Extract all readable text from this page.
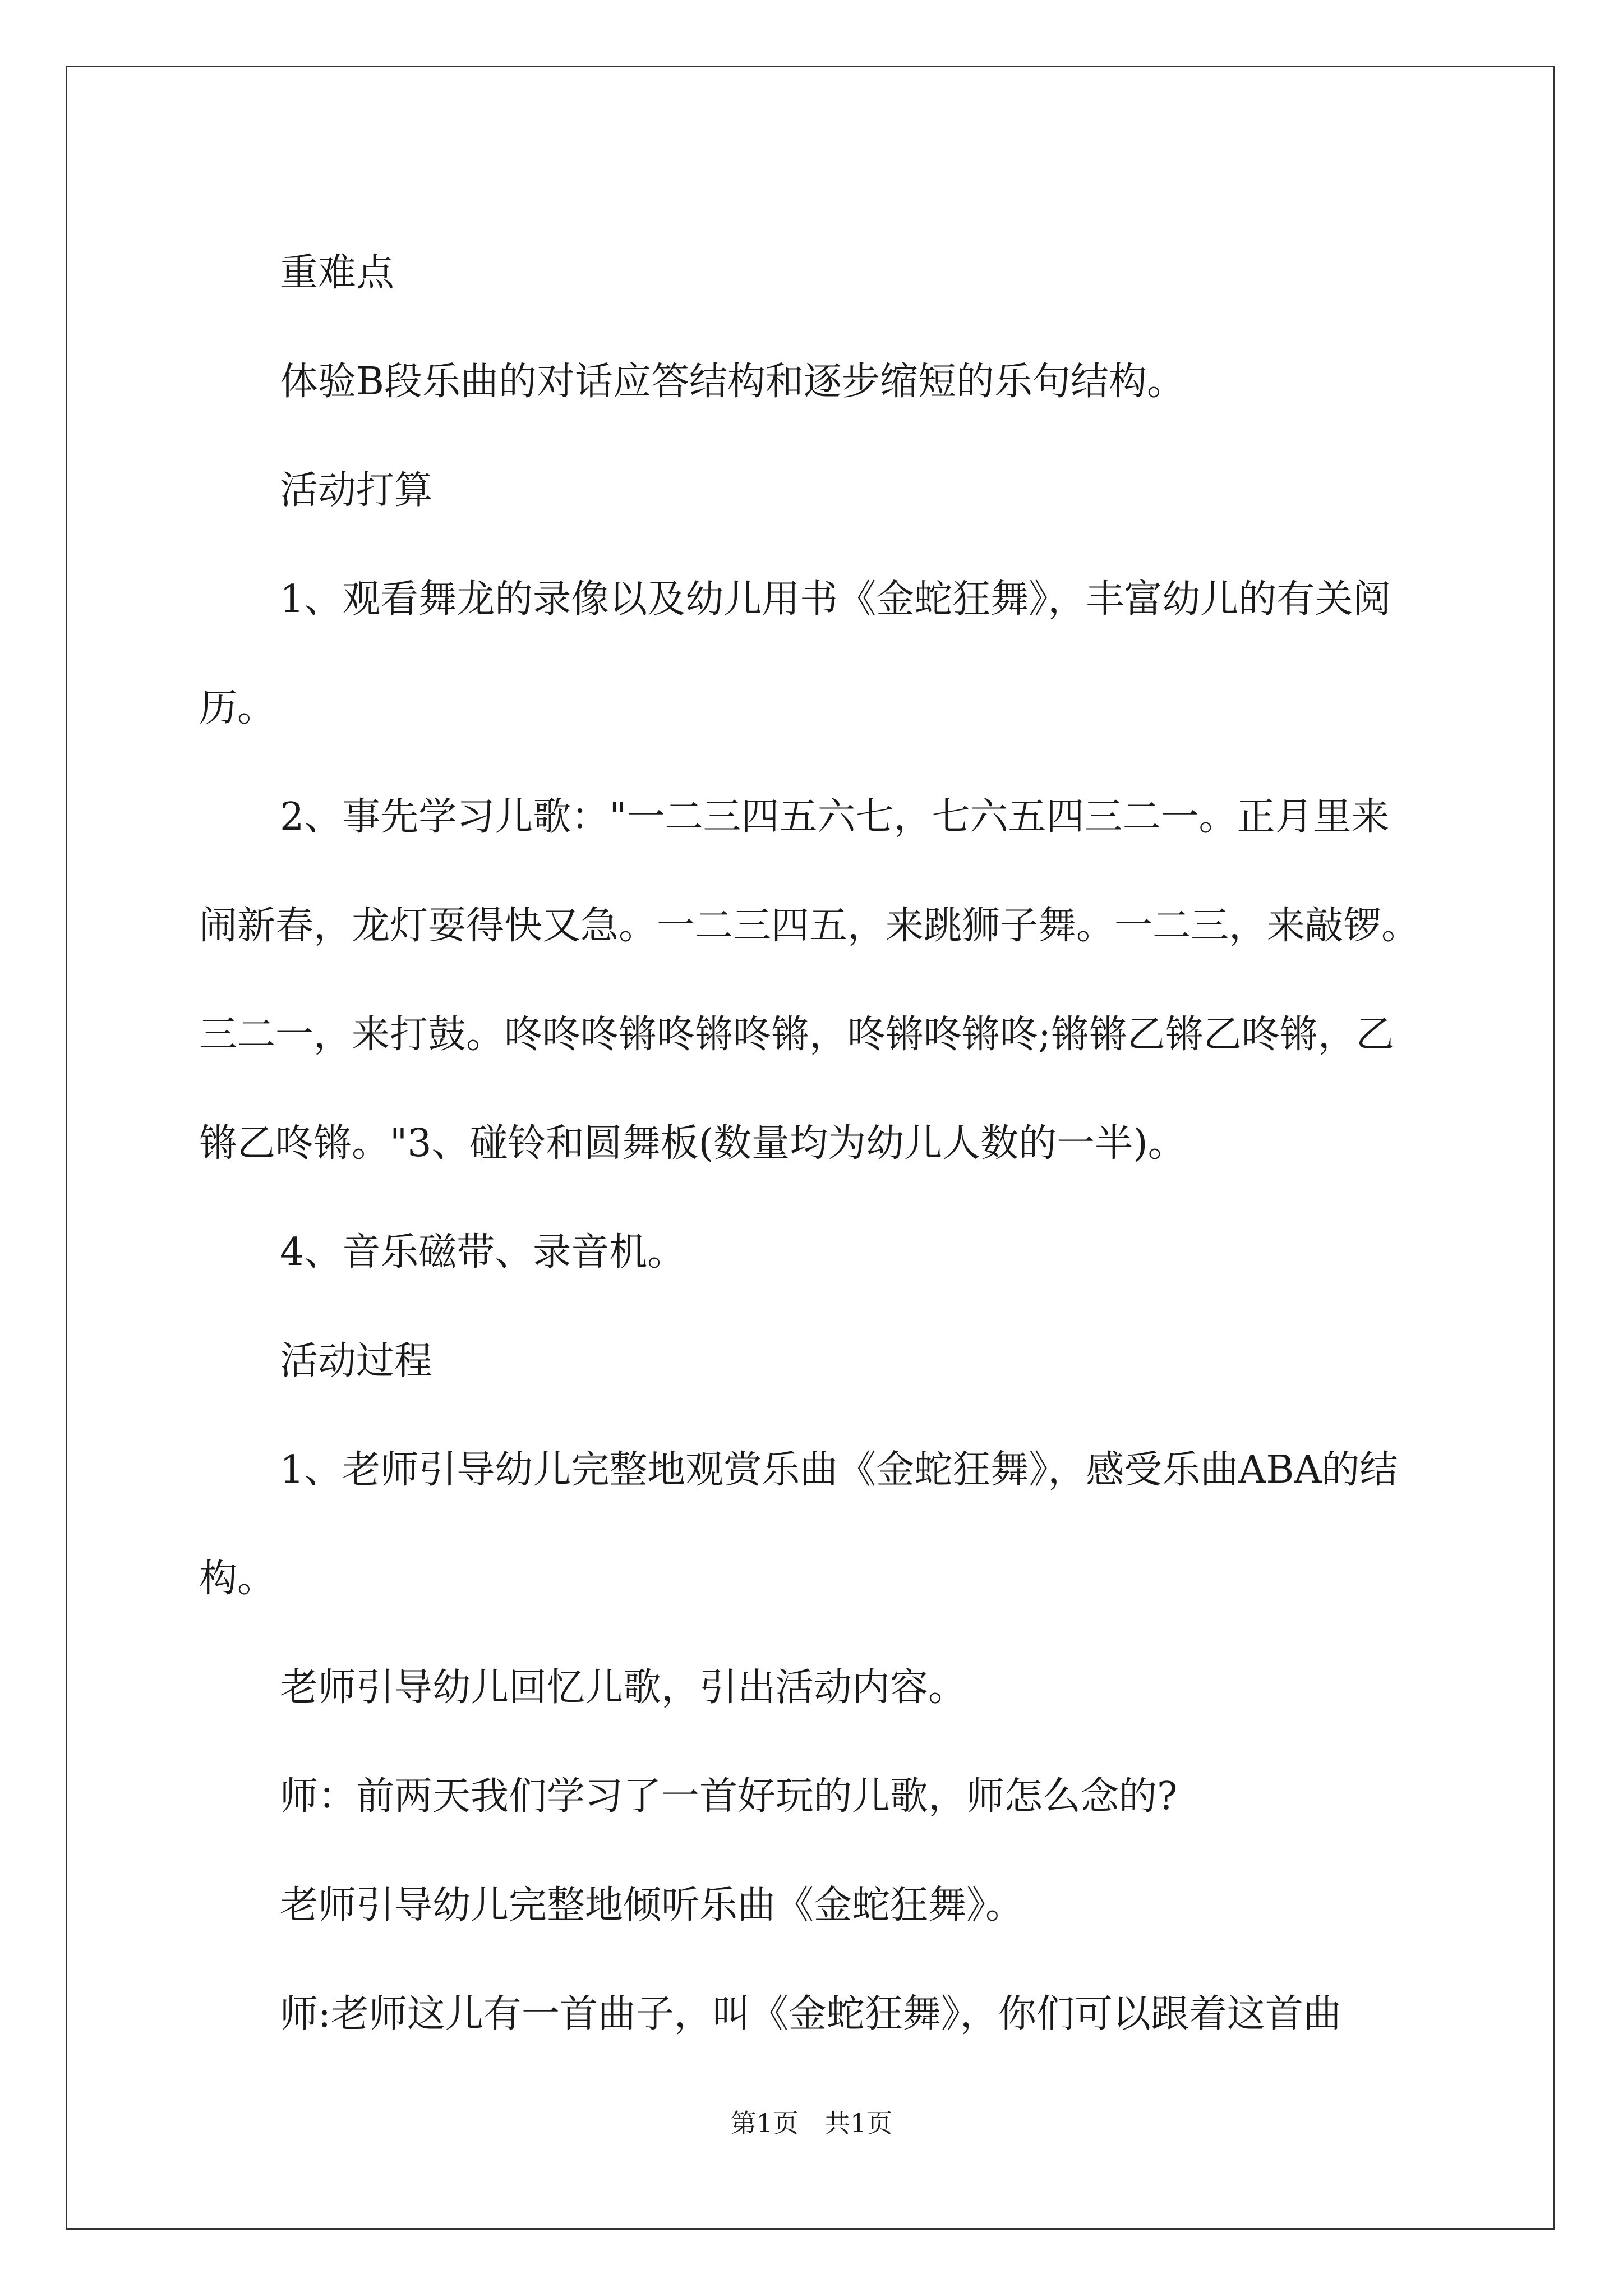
重难点

体验B段乐曲的对话应答结构和逐步缩短的乐句结构。

活动打算

1、观看舞龙的录像以及幼儿用书《金蛇狂舞》，丰富幼儿的有关阅历。

2、事先学习儿歌："一二三四五六七，七六五四三二一。正月里来闹新春，龙灯耍得快又急。一二三四五，来跳狮子舞。一二三，来敲锣。三二一，来打鼓。咚咚咚锵咚锵咚锵，咚锵咚锵咚;锵锵乙锵乙咚锵，乙锵乙咚锵。"3、碰铃和圆舞板(数量均为幼儿人数的一半)。

4、音乐磁带、录音机。

活动过程

1、老师引导幼儿完整地观赏乐曲《金蛇狂舞》，感受乐曲ABA的结构。

老师引导幼儿回忆儿歌，引出活动内容。

师：前两天我们学习了一首好玩的儿歌，师怎么念的?

老师引导幼儿完整地倾听乐曲《金蛇狂舞》。

师:老师这儿有一首曲子，叫《金蛇狂舞》，你们可以跟着这首曲

第1页　共1页
